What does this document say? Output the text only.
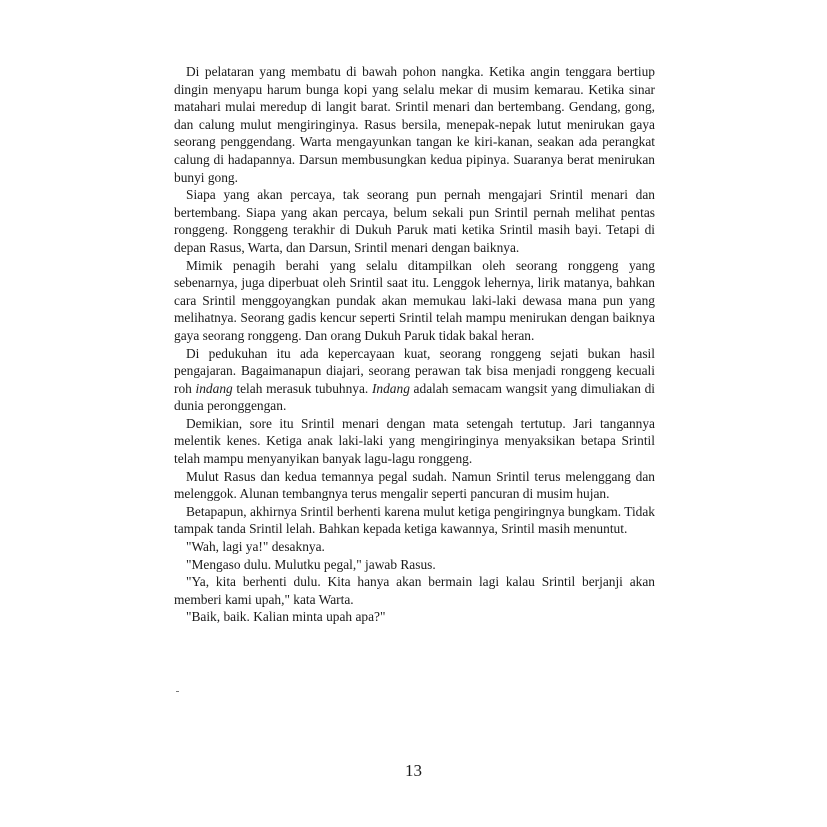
Di pelataran yang membatu di bawah pohon nangka. Ketika angin tenggara bertiup dingin menyapu harum bunga kopi yang selalu mekar di musim kemarau. Ketika sinar matahari mulai meredup di langit barat. Srintil menari dan bertembang. Gendang, gong, dan calung mulut mengiringinya. Rasus bersila, menepak-nepak lutut menirukan gaya seorang penggendang. Warta mengayunkan tangan ke kiri-kanan, seakan ada perangkat calung di hadapannya. Darsun membusungkan kedua pipinya. Suaranya berat menirukan bunyi gong.

Siapa yang akan percaya, tak seorang pun pernah mengajari Srintil menari dan bertembang. Siapa yang akan percaya, belum sekali pun Srintil pernah melihat pentas ronggeng. Ronggeng terakhir di Dukuh Paruk mati ketika Srintil masih bayi. Tetapi di depan Rasus, Warta, dan Darsun, Srintil menari dengan baiknya.

Mimik penagih berahi yang selalu ditampilkan oleh seorang ronggeng yang sebenarnya, juga diperbuat oleh Srintil saat itu. Lenggok lehernya, lirik matanya, bahkan cara Srintil menggoyangkan pundak akan memukau laki-laki dewasa mana pun yang melihatnya. Seorang gadis kencur seperti Srintil telah mampu menirukan dengan baiknya gaya seorang ronggeng. Dan orang Dukuh Paruk tidak bakal heran.

Di pedukuhan itu ada kepercayaan kuat, seorang ronggeng sejati bukan hasil pengajaran. Bagaimanapun diajari, seorang perawan tak bisa menjadi ronggeng kecuali roh indang telah merasuk tubuhnya. Indang adalah semacam wangsit yang dimuliakan di dunia peronggengan.

Demikian, sore itu Srintil menari dengan mata setengah tertutup. Jari tangannya melentik kenes. Ketiga anak laki-laki yang mengiringinya menyaksikan betapa Srintil telah mampu menyanyikan banyak lagu-lagu ronggeng.

Mulut Rasus dan kedua temannya pegal sudah. Namun Srintil terus melenggang dan melenggok. Alunan tembangnya terus mengalir seperti pancuran di musim hujan.

Betapapun, akhirnya Srintil berhenti karena mulut ketiga pengiringnya bungkam. Tidak tampak tanda Srintil lelah. Bahkan kepada ketiga kawannya, Srintil masih menuntut.

"Wah, lagi ya!" desaknya.

"Mengaso dulu. Mulutku pegal," jawab Rasus.

"Ya, kita berhenti dulu. Kita hanya akan bermain lagi kalau Srintil berjanji akan memberi kami upah," kata Warta.

"Baik, baik. Kalian minta upah apa?"

13
